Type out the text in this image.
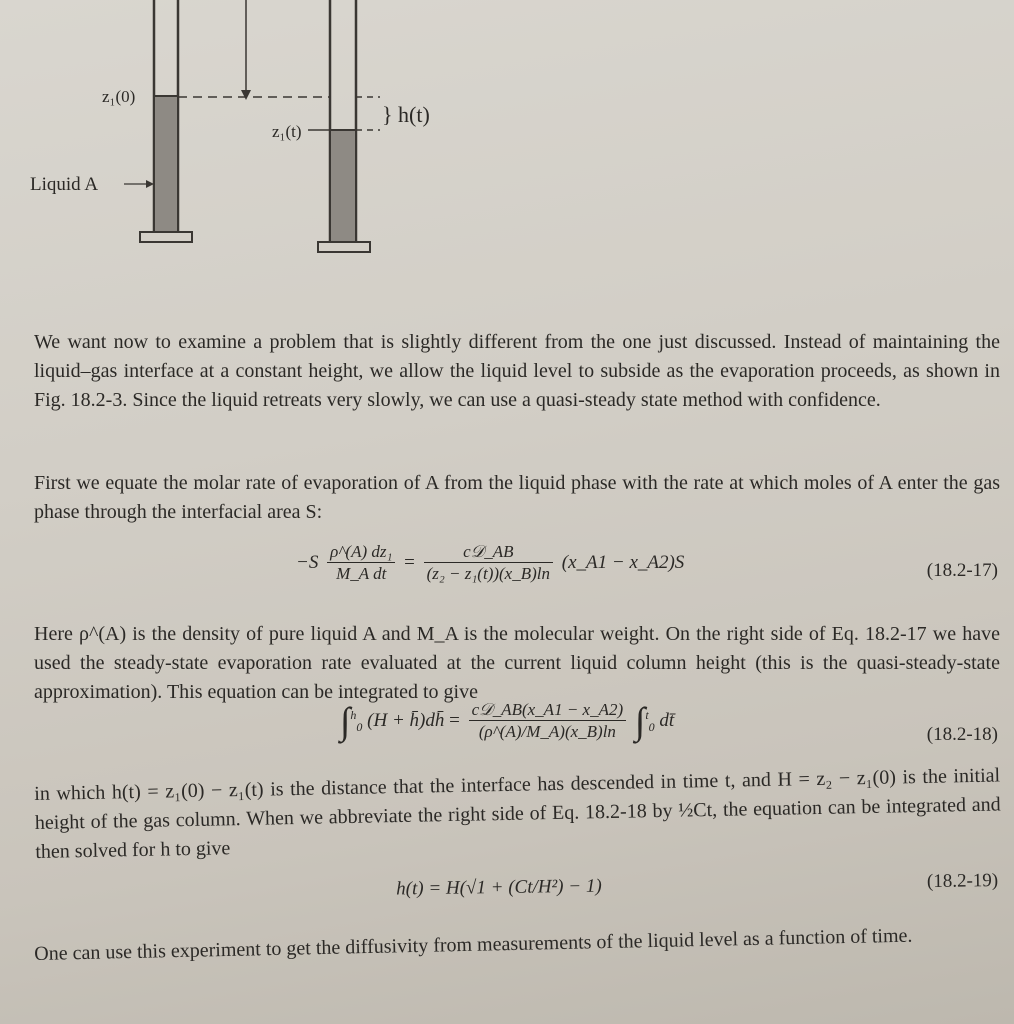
z₁(0)
z₁(t)
} h(t)
Liquid A
We want now to examine a problem that is slightly different from the one just discussed. Instead of maintaining the liquid–gas interface at a constant height, we allow the liquid level to subside as the evaporation proceeds, as shown in Fig. 18.2-3. Since the liquid retreats very slowly, we can use a quasi-steady state method with confidence.
First we equate the molar rate of evaporation of A from the liquid phase with the rate at which moles of A enter the gas phase through the interfacial area S:
$-S \frac{\text{ρ\textasciicircum{}(A) dz₁}}{\text{M\_A dt}} = \frac{\text{c𝒟\_AB}}{\text{(z₂ − z₁(t))(x\_B)ln}}$ (x_A1 − x_A2)S	(18.2-17)
Here ρ^(A) is the density of pure liquid A and M_A is the molecular weight. On the right side of Eq. 18.2-17 we have used the steady-state evaporation rate evaluated at the current liquid column height (this is the quasi-steady-state approximation). This equation can be integrated to give
∫$^h_0$ (H + h̄)dh̄ = $\frac{\text{c𝒟\_AB(x\_A1 − x\_A2)}}{(\rho\^{}(A)/M\_A)(x\_B)\ln} \int^t_0$ dt̄
(18.2-18)
in which h(t) = z₁(0) − z₁(t) is the distance that the interface has descended in time t, and H = z₂ − z₁(0) is the initial height of the gas column. When we abbreviate the right side of Eq. 18.2-18 by ½Ct, the equation can be integrated and then solved for h to give
h(t) = H(√1 + (Ct/H²) − 1)	(18.2-19)
One can use this experiment to get the diffusivity from measurements of the liquid level as a function of time.
